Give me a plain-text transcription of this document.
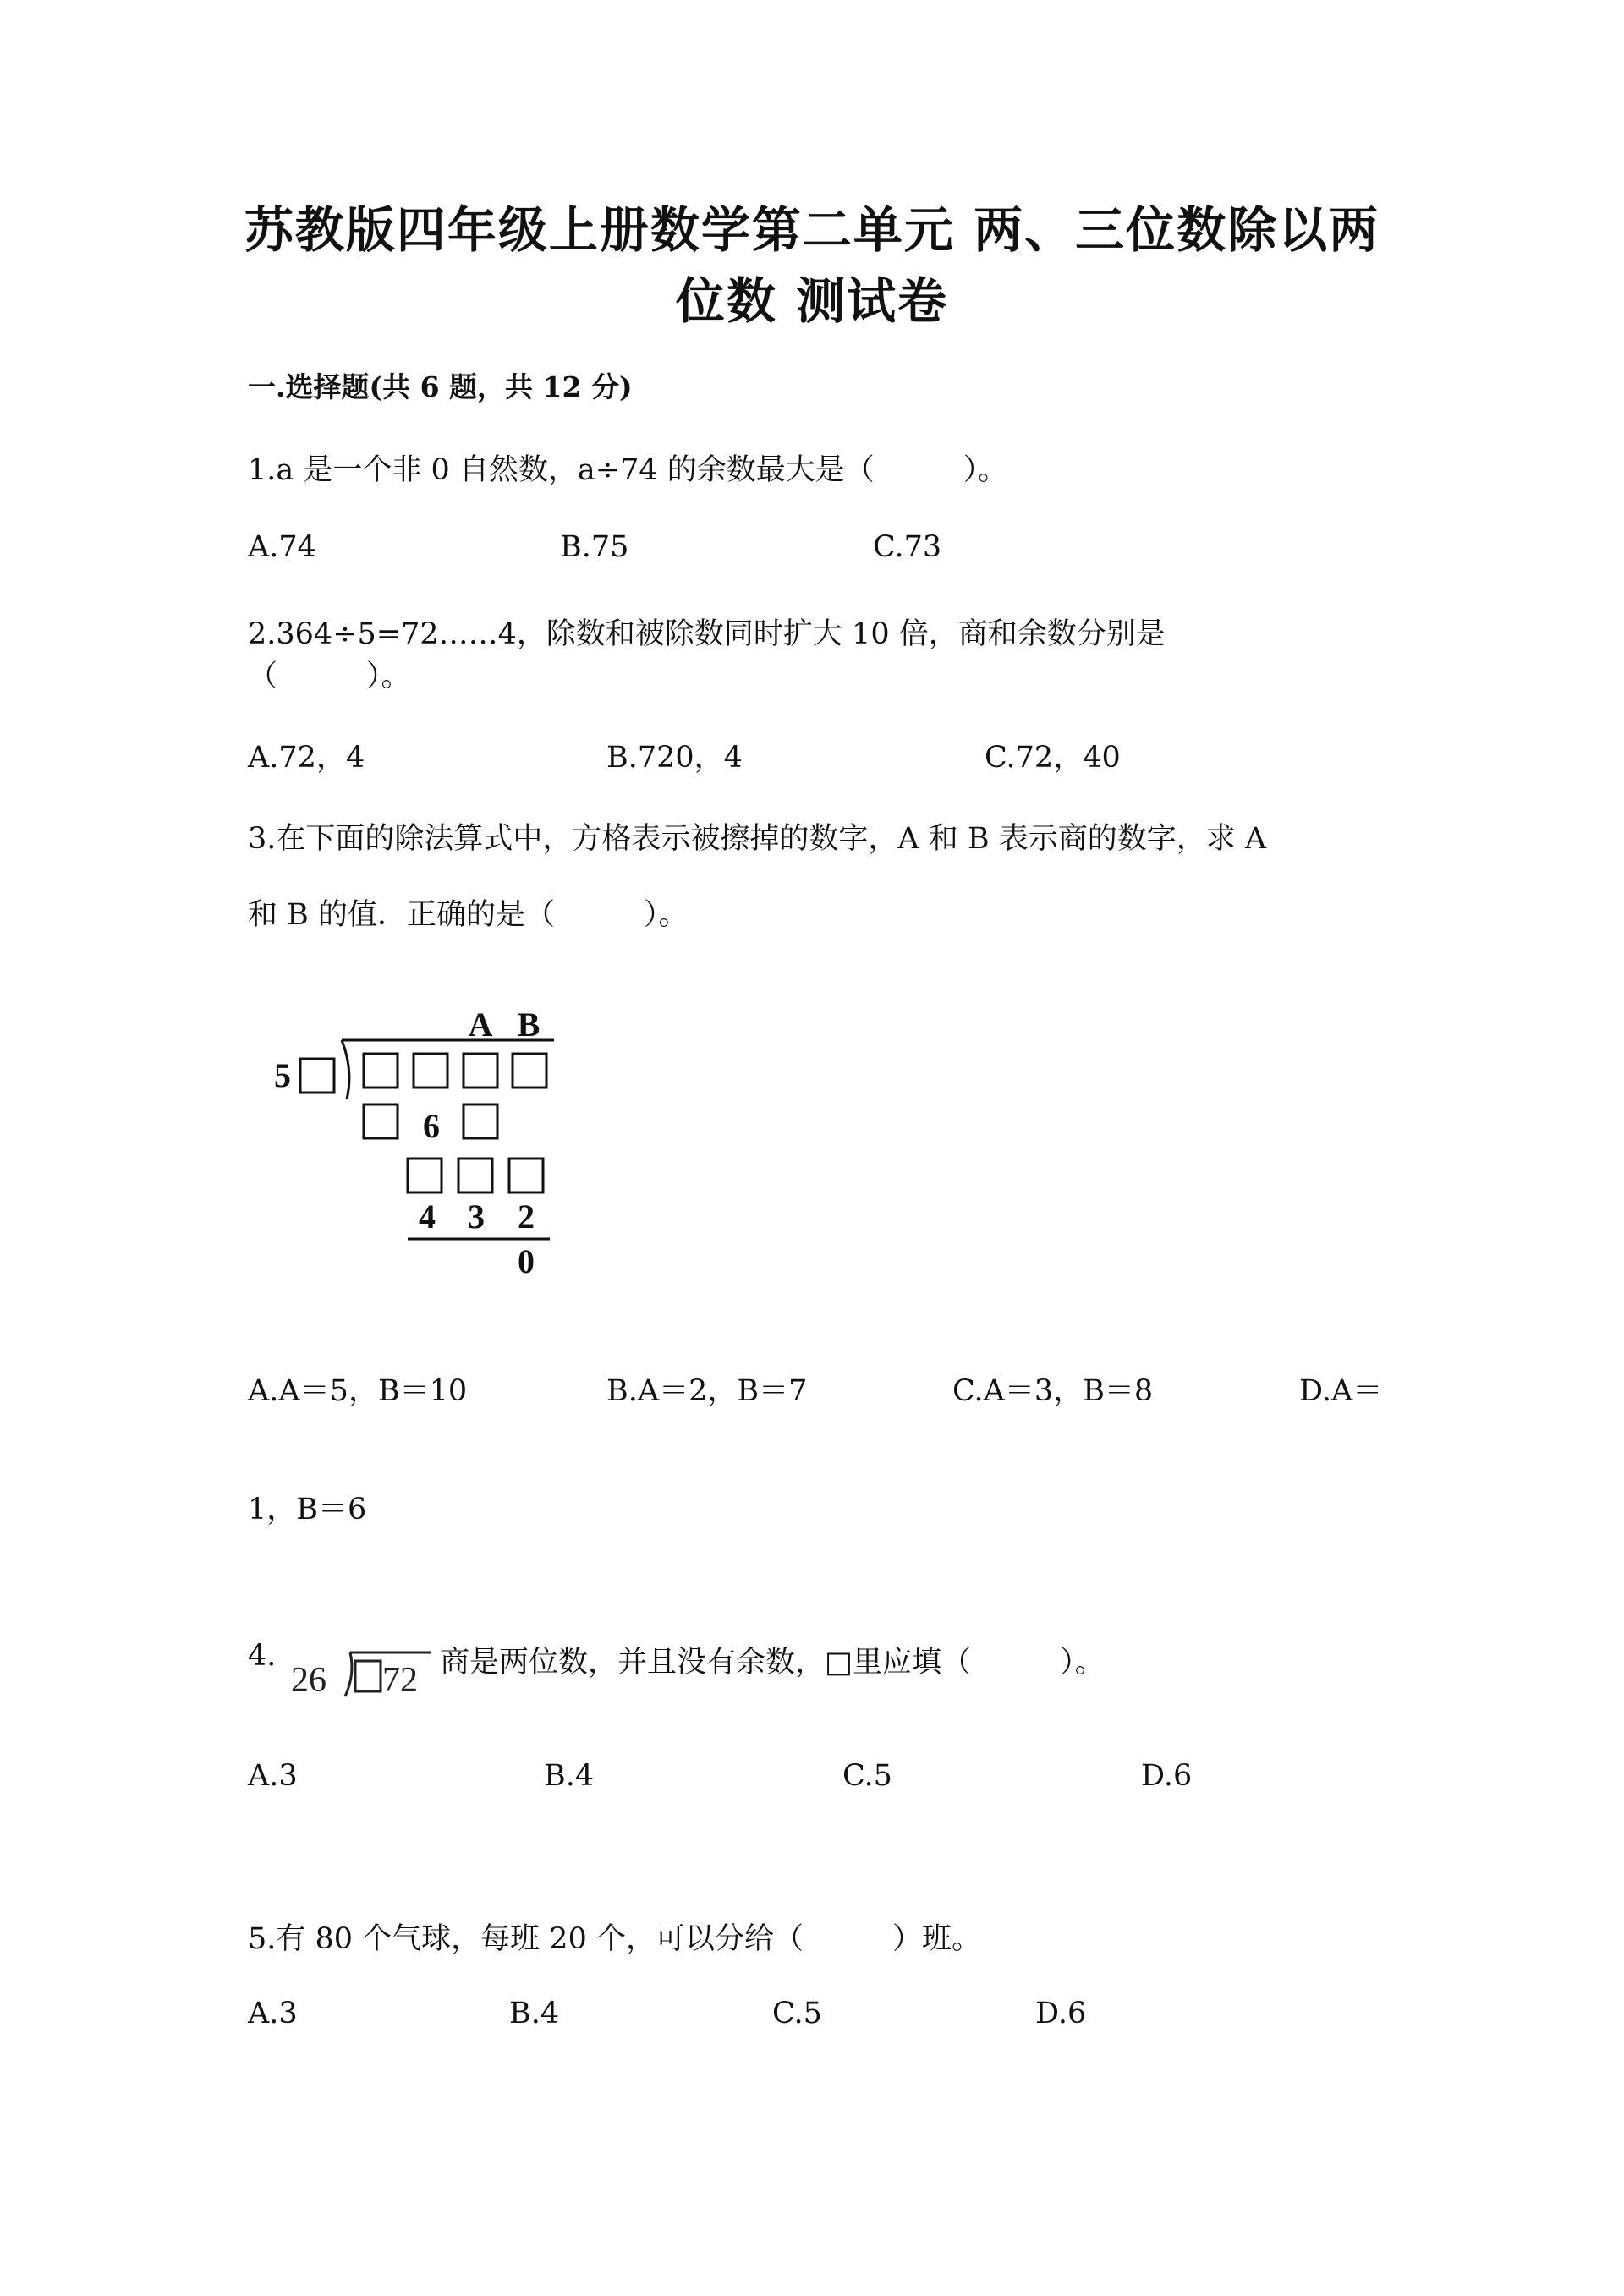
苏教版四年级上册数学第二单元 两、三位数除以两
位数 测试卷
一.选择题(共 6 题，共 12 分)
1.a 是一个非 0 自然数，a÷74 的余数最大是（　　　）。
A.74	B.75	C.73
2.364÷5=72……4，除数和被除数同时扩大 10 倍，商和余数分别是
（　　　）。
A.72，4	B.720，4	C.72，40
3.在下面的除法算式中，方格表示被擦掉的数字，A 和 B 表示商的数字，求 A
和 B 的值．正确的是（　　　）。
A B
5
6
4 3 2
0
A.A＝5，B＝10	B.A＝2，B＝7	C.A＝3，B＝8	D.A＝
1，B＝6
4.
26 72 商是两位数，并且没有余数，□里应填（　　　）。
A.3	B.4	C.5	D.6
5.有 80 个气球，每班 20 个，可以分给（　　　）班。
A.3	B.4	C.5	D.6
